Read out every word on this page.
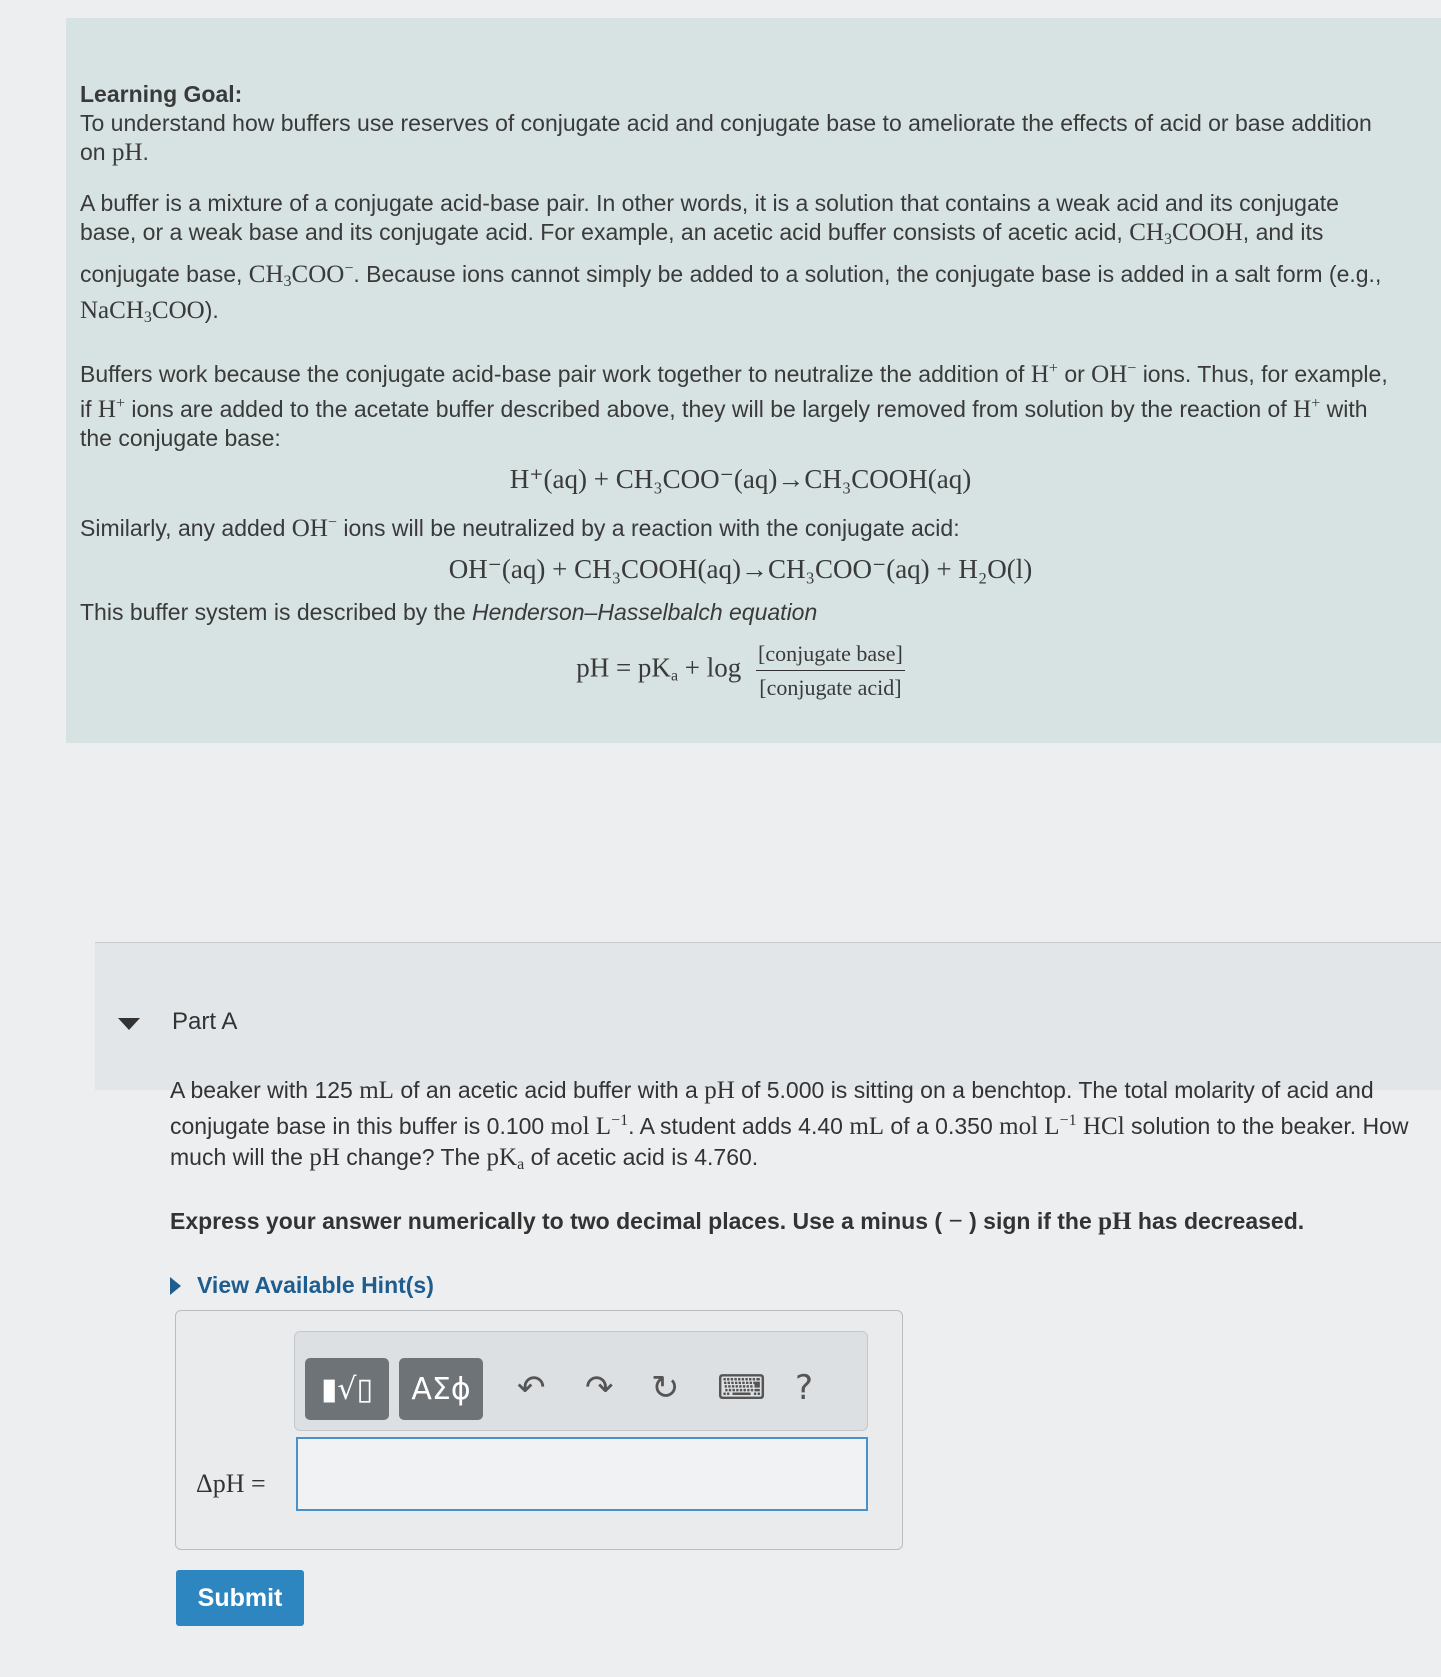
Learning Goal:
To understand how buffers use reserves of conjugate acid and conjugate base to ameliorate the effects of acid or base addition on pH.
A buffer is a mixture of a conjugate acid-base pair. In other words, it is a solution that contains a weak acid and its conjugate base, or a weak base and its conjugate acid. For example, an acetic acid buffer consists of acetic acid, $CH_3COOH$, and its conjugate base, $CH_3COO^-$. Because ions cannot simply be added to a solution, the conjugate base is added in a salt form (e.g., NaCH$_3$COO).
Buffers work because the conjugate acid-base pair work together to neutralize the addition of H+ or OH− ions. Thus, for example, if H+ ions are added to the acetate buffer described above, they will be largely removed from solution by the reaction of H+ with the conjugate base:
H⁺(aq) + CH₃COO⁻(aq)→CH₃COOH(aq)
Similarly, any added OH− ions will be neutralized by a reaction with the conjugate acid:
OH⁻(aq) + CH₃COOH(aq)→CH₃COO⁻(aq) + H₂O(l)
This buffer system is described by the Henderson–Hasselbalch equation
pH = $pK_a + \log \frac{\text{[conjugate base]}}{\text{[conjugate acid]}}$
Part A
A beaker with 125 mL of an acetic acid buffer with a pH of 5.000 is sitting on a benchtop. The total molarity of acid and conjugate base in this buffer is 0.100 mol $L^{-1}$. A student adds 4.40 mL of a 0.350 mol $L^{-1}$ HCl solution to the beaker. How much will the pH change? The $pK_a$ of acetic acid is 4.760.
Express your answer numerically to two decimal places. Use a minus ( − ) sign if the pH has decreased.
View Available Hint(s)
▮√▯	ΑΣϕ	↶ ↷ ↻ ⌨ ?
ΔpH =
Submit
